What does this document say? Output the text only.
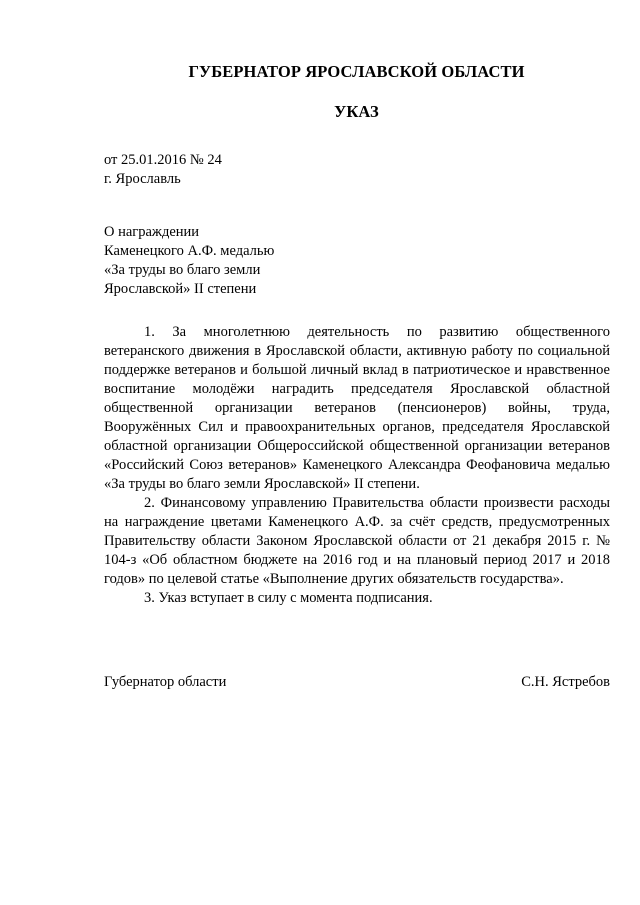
ГУБЕРНАТОР ЯРОСЛАВСКОЙ ОБЛАСТИ
УКАЗ
от 25.01.2016 № 24
г. Ярославль
О награждении
Каменецкого А.Ф. медалью
«За труды во благо земли
Ярославской» II степени

1. За многолетнюю деятельность по развитию общественного ветеранского движения в Ярославской области, активную работу по социальной поддержке ветеранов и большой личный вклад в патриотическое и нравственное воспитание молодёжи наградить председателя Ярославской областной общественной организации ветеранов (пенсионеров) войны, труда, Вооружённых Сил и правоохранительных органов, председателя Ярославской областной организации Общероссийской общественной организации ветеранов «Российский Союз ветеранов» Каменецкого Александра Феофановича медалью «За труды во благо земли Ярославской» II степени.

2. Финансовому управлению Правительства области произвести расходы на награждение цветами Каменецкого А.Ф. за счёт средств, предусмотренных Правительству области Законом Ярославской области от 21 декабря 2015 г. № 104-з «Об областном бюджете на 2016 год и на плановый период 2017 и 2018 годов» по целевой статье «Выполнение других обязательств государства».

3. Указ вступает в силу с момента подписания.

Губернатор области	С.Н. Ястребов
